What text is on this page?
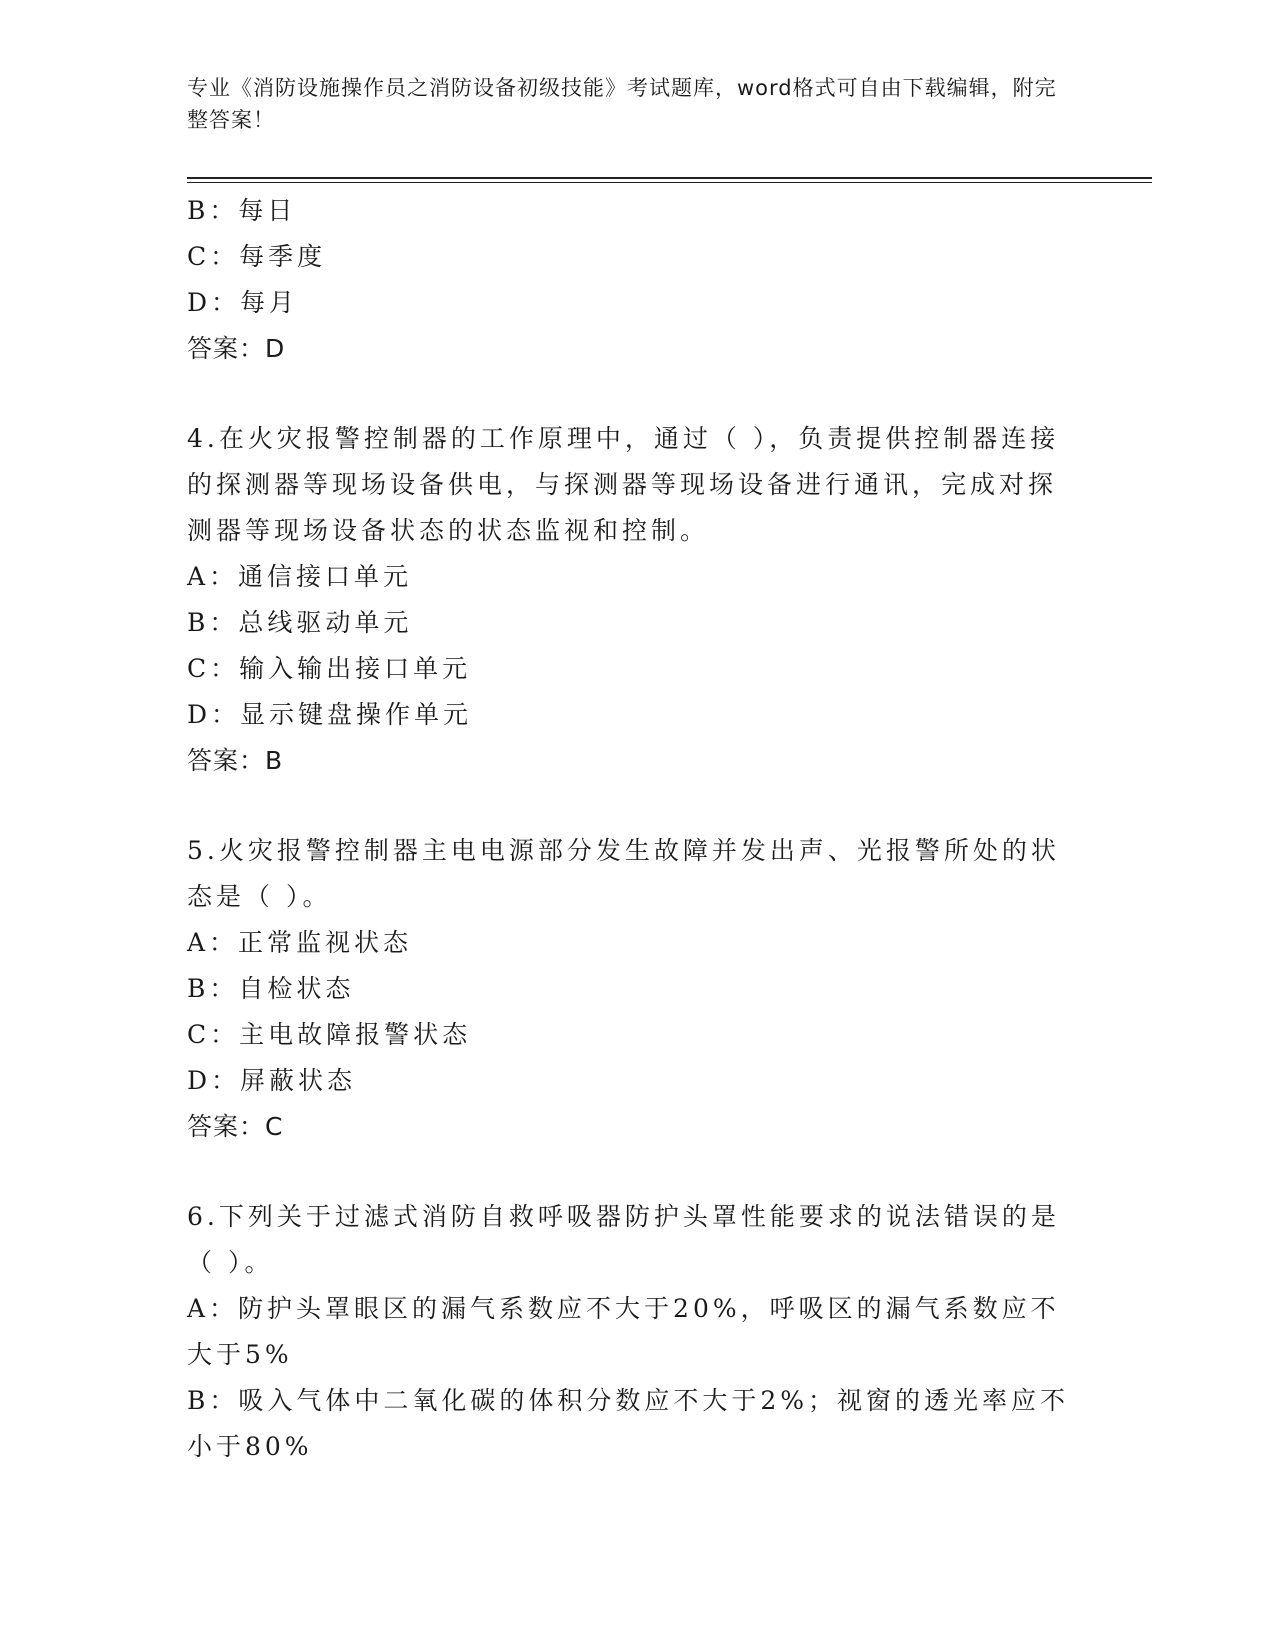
专业《消防设施操作员之消防设备初级技能》考试题库，word格式可自由下载编辑，附完整答案！
B：每日
C：每季度
D：每月
答案：D
4.在火灾报警控制器的工作原理中，通过（ ），负责提供控制器连接的探测器等现场设备供电，与探测器等现场设备进行通讯，完成对探测器等现场设备状态的状态监视和控制。
A：通信接口单元
B：总线驱动单元
C：输入输出接口单元
D：显示键盘操作单元
答案：B
5.火灾报警控制器主电电源部分发生故障并发出声、光报警所处的状态是（ ）。
A：正常监视状态
B：自检状态
C：主电故障报警状态
D：屏蔽状态
答案：C
6.下列关于过滤式消防自救呼吸器防护头罩性能要求的说法错误的是（ ）。
A：防护头罩眼区的漏气系数应不大于20%，呼吸区的漏气系数应不大于5%
B：吸入气体中二氧化碳的体积分数应不大于2%；视窗的透光率应不小于80%
